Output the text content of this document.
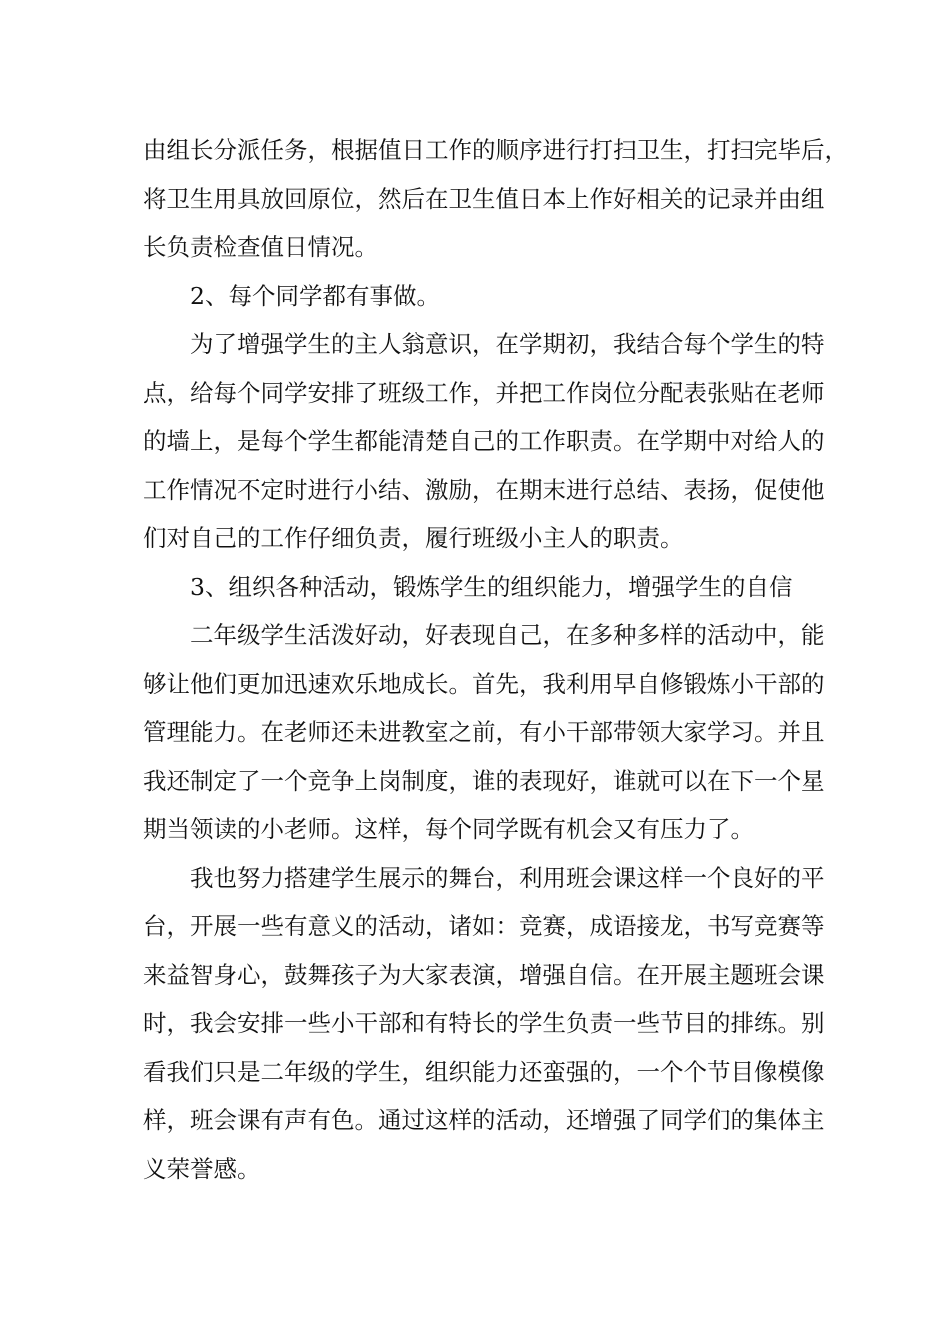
由组长分派任务，根据值日工作的顺序进行打扫卫生，打扫完毕后，
将卫生用具放回原位，然后在卫生值日本上作好相关的记录并由组
长负责检查值日情况。

2、每个同学都有事做。

为了增强学生的主人翁意识，在学期初，我结合每个学生的特
点，给每个同学安排了班级工作，并把工作岗位分配表张贴在老师
的墙上，是每个学生都能清楚自己的工作职责。在学期中对给人的
工作情况不定时进行小结、激励，在期末进行总结、表扬，促使他
们对自己的工作仔细负责，履行班级小主人的职责。

3、组织各种活动，锻炼学生的组织能力，增强学生的自信

二年级学生活泼好动，好表现自己，在多种多样的活动中，能
够让他们更加迅速欢乐地成长。首先，我利用早自修锻炼小干部的
管理能力。在老师还未进教室之前，有小干部带领大家学习。并且
我还制定了一个竞争上岗制度，谁的表现好，谁就可以在下一个星
期当领读的小老师。这样，每个同学既有机会又有压力了。

我也努力搭建学生展示的舞台，利用班会课这样一个良好的平
台，开展一些有意义的活动，诸如：竞赛，成语接龙，书写竞赛等
来益智身心，鼓舞孩子为大家表演，增强自信。在开展主题班会课
时，我会安排一些小干部和有特长的学生负责一些节目的排练。别
看我们只是二年级的学生，组织能力还蛮强的，一个个节目像模像
样，班会课有声有色。通过这样的活动，还增强了同学们的集体主
义荣誉感。
